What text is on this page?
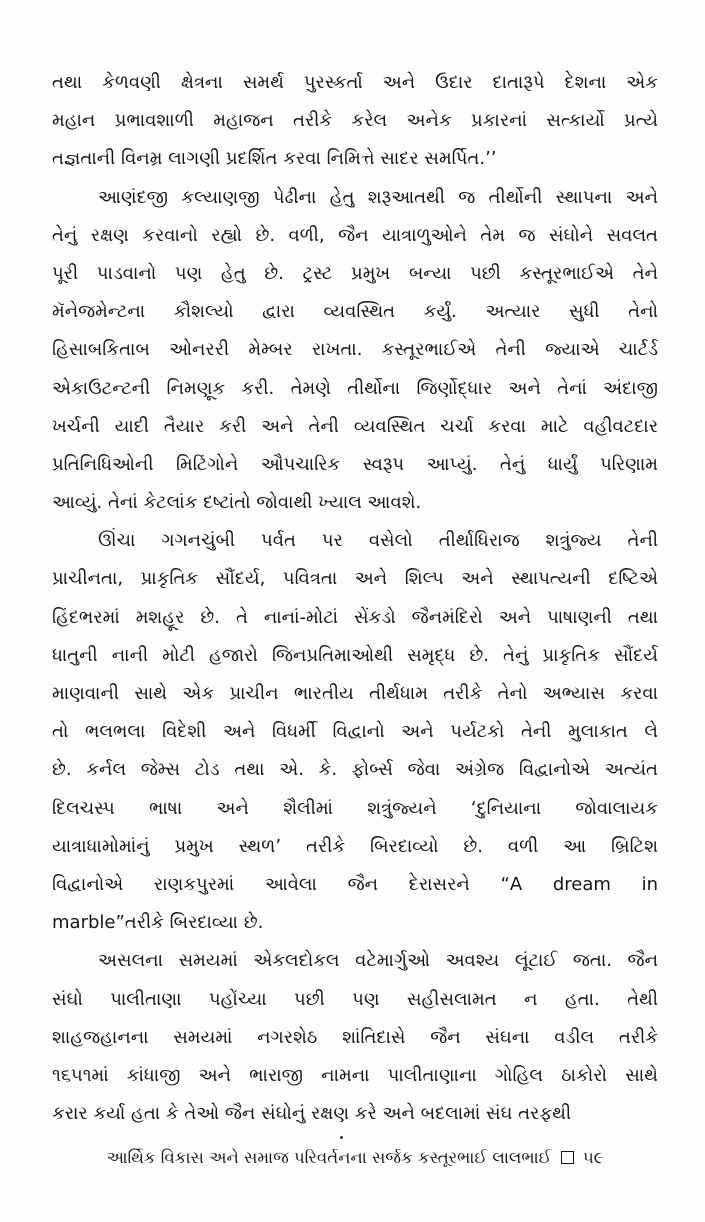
તથા કેળવણી ક્ષેત્રના સમર્થ પુરસ્કર્તા અને ઉદાર દાતારૂપે દેશના એક
મહાન પ્રભાવશાળી મહાજન તરીકે કરેલ અનેક પ્રકારનાં સત્કાર્યો પ્રત્યે
તજ્ઞતાની વિનમ્ર લાગણી પ્રદર્શિત કરવા નિમિત્તે સાદર સમર્પિત.’’
આણંદજી કલ્યાણજી પેઢીના હેતુ શરૂઆતથી જ તીર્થોની સ્થાપના અને
તેનું રક્ષણ કરવાનો રહ્યો છે. વળી, જૈન યાત્રાળુઓને તેમ જ સંઘોને સવલત
પૂરી પાડવાનો પણ હેતુ છે. ટ્રસ્ટ પ્રમુખ બન્યા પછી કસ્તૂરભાઈએ તેને
મૅનેજમેન્ટના કૌશલ્યો દ્વારા વ્યવસ્થિત કર્યું. અત્યાર સુધી તેનો
હિસાબકિતાબ ઓનરરી મેમ્બર રાખતા. કસ્તૂરભાઈએ તેની જ્યાએ ચાર્ટર્ડ
એકાઉટન્ટની નિમણૂક કરી. તેમણે તીર્થોના જિર્ણોદ્ધાર અને તેનાં અંદાજી
ખર્ચની યાદી તૈયાર કરી અને તેની વ્યવસ્થિત ચર્ચા કરવા માટે વહીવટદાર
પ્રતિનિધિઓની મિટિંગોને ઔપચારિક સ્વરૂપ આપ્યું. તેનું ધાર્યું પરિણામ
આવ્યું. તેનાં કેટલાંક દષ્ટાંતો જોવાથી ખ્યાલ આવશે.
ઊંચા ગગનચુંબી પર્વત પર વસેલો તીર્થાધિરાજ શત્રુંજ્ય તેની
પ્રાચીનતા, પ્રાકૃતિક સૌંદર્ય, પવિત્રતા અને શિલ્પ અને સ્થાપત્યની દષ્ટિએ
હિંદભરમાં મશહૂર છે. તે નાનાં-મોટાં સેંકડો જૈનમંદિરો અને પાષાણની તથા
ધાતુની નાની મોટી હજારો જિનપ્રતિમાઓથી સમૃદ્ધ છે. તેનું પ્રાકૃતિક સૌંદર્ય
માણવાની સાથે એક પ્રાચીન ભારતીય તીર્થધામ તરીકે તેનો અભ્યાસ કરવા
તો ભલભલા વિદેશી અને વિધર્મી વિદ્વાનો અને પર્યટકો તેની મુલાકાત લે
છે. કર્નલ જેમ્સ ટોડ તથા એ. કે. ફોર્બ્સ જેવા અંગ્રેજ વિદ્વાનોએ અત્યંત
દિલચસ્પ ભાષા અને શૈલીમાં શત્રુંજ્યને ‘દુનિયાના જોવાલાયક
યાત્રાધામોમાંનું પ્રમુખ સ્થળ’ તરીકે બિરદાવ્યો છે. વળી આ બ્રિટિશ
વિદ્વાનોએ રાણકપુરમાં આવેલા જૈન દેરાસરને “A dream in
marble”તરીકે બિરદાવ્યા છે.
અસલના સમયમાં એકલદોકલ વટેમાર્ગુઓ અવશ્ય લૂંટાઈ જતા. જૈન
સંઘો પાલીતાણા પહોંચ્યા પછી પણ સહીસલામત ન હતા. તેથી
શાહજહાનના સમયમાં નગરશેઠ શાંતિદાસે જૈન સંઘના વડીલ તરીકે
૧૬૫૧માં કાંધાજી અને ભારાજી નામના પાલીતાણાના ગોહિલ ઠાકોરો સાથે
કરાર કર્યા હતા કે તેઓ જૈન સંઘોનું રક્ષણ કરે અને બદલામાં સંઘ તરફથી
આર્થિક વિકાસ અને સમાજ પરિવર્તનના સર્જક કસ્તૂરભાઈ લાલભાઈ ૫૯
